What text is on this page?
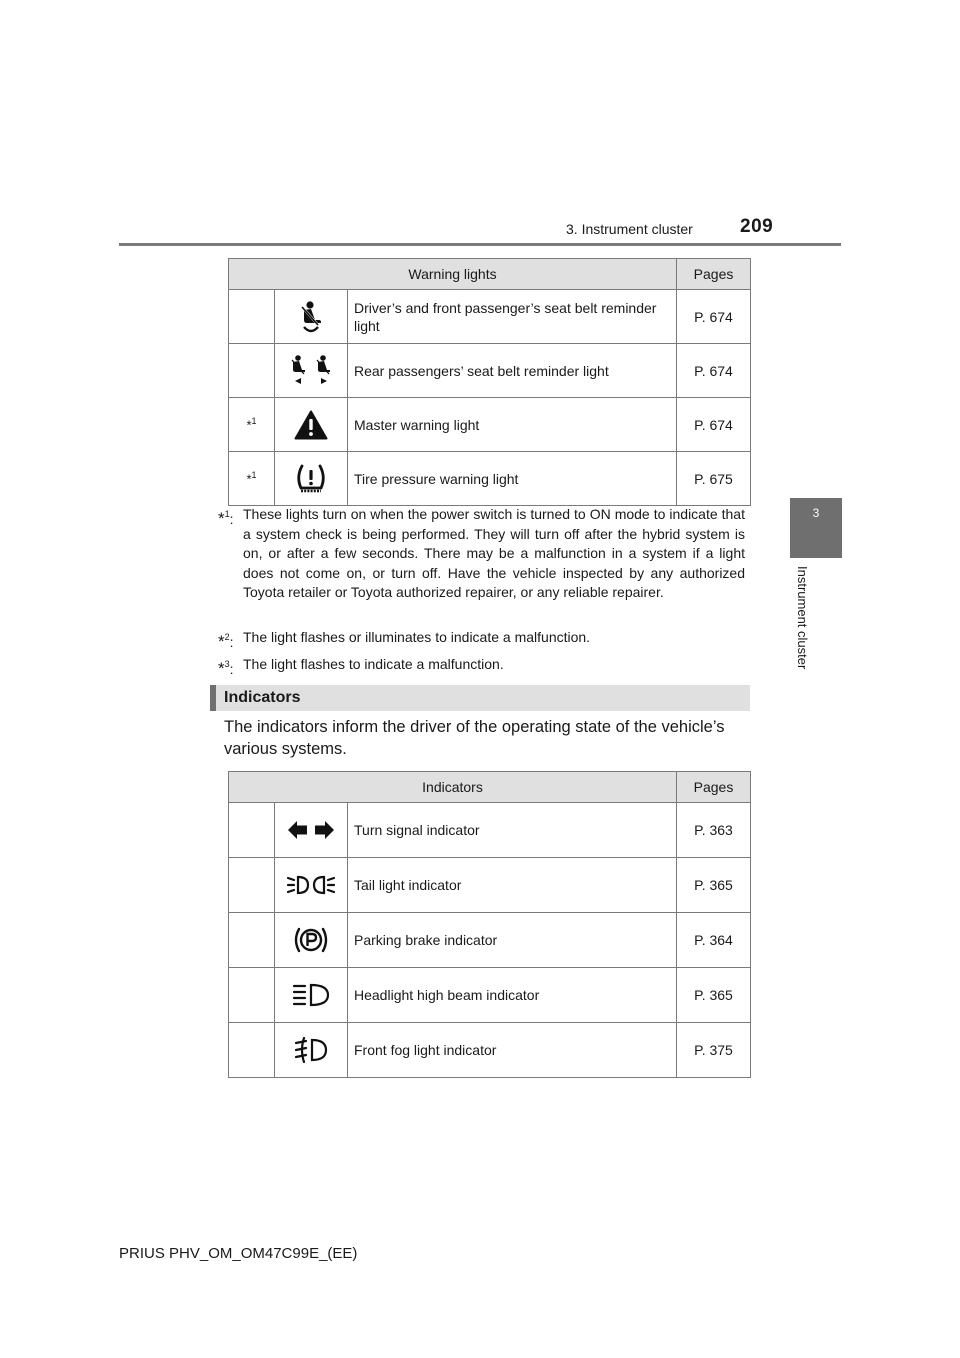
3. Instrument cluster 209
3
Instrument cluster
Warning lights			Pages

	Driver’s and front passenger’s seat belt reminder light	P. 674

	Rear passengers’ seat belt reminder light	P. 674
*$^1$		Master warning light	P. 674
*$^1$		Tire pressure warning light	P. 675
*$^1$: These lights turn on when the power switch is turned to ON mode to indicate that a system check is being performed. They will turn off after the hybrid system is on, or after a few seconds. There may be a malfunction in a system if a light does not come on, or turn off. Have the vehicle inspected by any authorized Toyota retailer or Toyota authorized repairer, or any reliable repairer.
*$^2$: The light flashes or illuminates to indicate a malfunction.
*$^3$: The light flashes to indicate a malfunction.
Indicators
The indicators inform the driver of the operating state of the vehicle’s various systems.
Indicators			Pages

	Turn signal indicator	P. 363

	Tail light indicator	P. 365

	Parking brake indicator	P. 364

	Headlight high beam indicator	P. 365

	Front fog light indicator	P. 375
PRIUS PHV_OM_OM47C99E_(EE)
